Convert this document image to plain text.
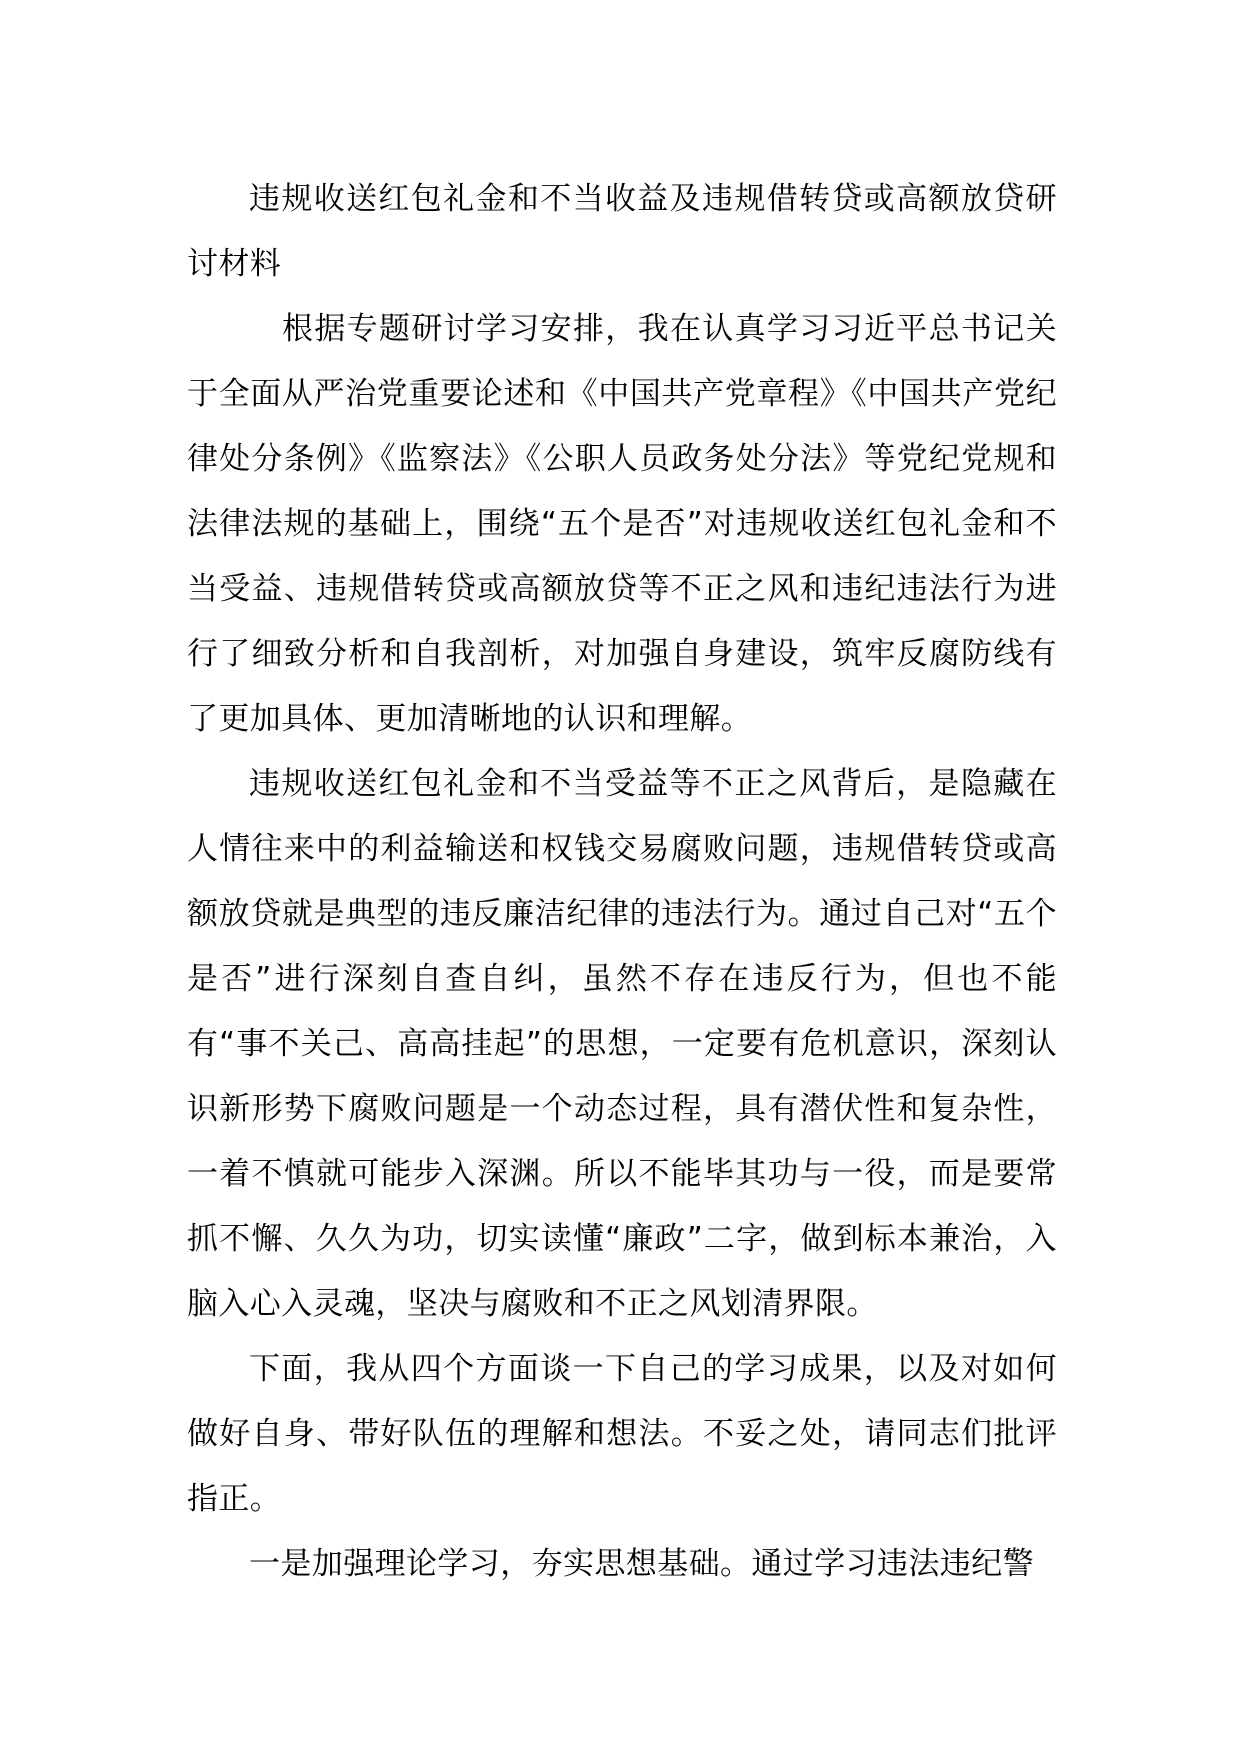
违规收送红包礼金和不当收益及违规借转贷或高额放贷研讨材料

根据专题研讨学习安排，我在认真学习习近平总书记关于全面从严治党重要论述和《中国共产党章程》《中国共产党纪律处分条例》《监察法》《公职人员政务处分法》等党纪党规和法律法规的基础上，围绕“五个是否”对违规收送红包礼金和不当受益、违规借转贷或高额放贷等不正之风和违纪违法行为进行了细致分析和自我剖析，对加强自身建设，筑牢反腐防线有了更加具体、更加清晰地的认识和理解。

违规收送红包礼金和不当受益等不正之风背后，是隐藏在人情往来中的利益输送和权钱交易腐败问题，违规借转贷或高额放贷就是典型的违反廉洁纪律的违法行为。通过自己对“五个是否”进行深刻自查自纠，虽然不存在违反行为，但也不能有“事不关己、高高挂起”的思想，一定要有危机意识，深刻认识新形势下腐败问题是一个动态过程，具有潜伏性和复杂性，一着不慎就可能步入深渊。所以不能毕其功与一役，而是要常抓不懈、久久为功，切实读懂“廉政”二字，做到标本兼治，入脑入心入灵魂，坚决与腐败和不正之风划清界限。

下面，我从四个方面谈一下自己的学习成果，以及对如何做好自身、带好队伍的理解和想法。不妥之处，请同志们批评指正。

一是加强理论学习，夯实思想基础。通过学习违法违纪警
